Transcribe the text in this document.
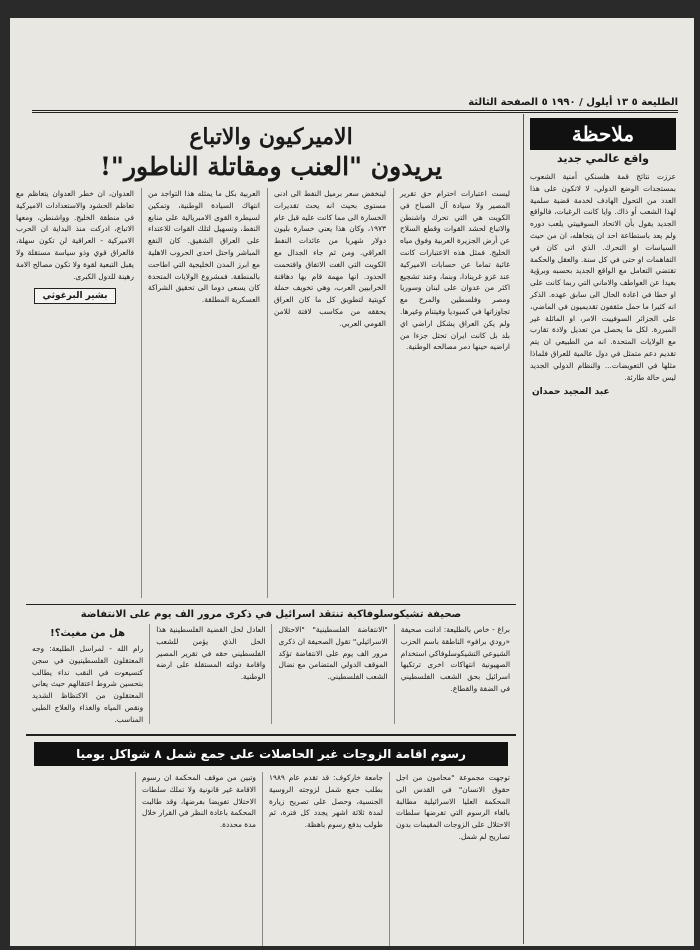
الطليعة ٥ ١٣ أيلول / ١٩٩٠ ٥ الصفحة الثالثة
ملاحظة
واقع عالمي جديد
عززت نتائج قمة هلسنكي أمنية الشعوب بمستجدات الوضع الدولي، لا لاتكون على هذا العدد من التحول الهادف لخدمة قضية سلمية لهذا الشعب أو ذاك. وايا كانت الرغبات، فالواقع الجديد يقول بأن الاتحاد السوفييتي يلعب دوره ولم يعد باستطاعة احد ان يتجاهله، ان من حيث السياسات او التحرك. الذي اتى كان في التفاهمات او حتى في كل سنة. والعقل والحكمة تقتضي التعامل مع الواقع الجديد بحسبه وبرؤية بعيدا عن العواطف والاماني التي ربما كانت على او خطا في اعادة الحال الى سابق عهده. الذكر انه كثيرا ما حمل مثقفون تقديميون في الماضي، على الجزائر السوفييت الامر، او الماثلة غير المبررة. لكل ما يحصل من تعديل ولادة تقارب مع الولايات المتحدة. انه من الطبيعي ان يتم تقديم دعم متمثل في دول عالمية للعراق فلماذا مثلها في التعويضات... والنظام الدولي الجديد ليس حالة طارئة.
عبد المجيد حمدان
الاميركيون والاتباع
يريدون "العنب ومقاتلة الناطور"!
ليست اعتبارات احترام حق تقرير المصير ولا سيادة آل الصباح في الكويت هي التي تحرك واشنطن والاتباع لحشد القوات وقطع السلاح عن أرض الجزيرة العربية وفوق مياه الخليج. فمثل هذه الاعتبارات كانت غائبة تماما عن حسابات الاميركية عند غزو غرينادا، وبنما، وعند تشجيع اكثر من عدوان على لبنان وسوريا ومصر وفلسطين والمرح مع تجاوزاتها في كمبوديا وفيتنام وغيرها. ولم يكن العراق يشكل اراضي اي بلد بل كانت ايران تحتل جزءا من اراضيه حينها دمر مصالحه الوطنية.
لينخفض سعر برميل النفط الى ادنى مستوى بحيث انه يحث تقديرات الخسارة الى مما كانت عليه قبل عام ١٩٧٣، وكان هذا يعني خسارة بليون دولار شهريا من عائدات النفط العراقي. ومن ثم جاء الجدال مع الكويت التي الغت الاتفاق واقتحمت الحدود. انها مهمة قام بها دهاقنة الخرابيين العرب، وهي تخويف حملة كويتية لتطويق كل ما كان العراق يحققه من مكاسب لافتة للامن القومي العربي.
العربية بكل ما يمثله هذا التواجد من انتهاك السيادة الوطنية، وتمكين لسيطرة القوى الامبريالية على منابع النفط، وتسهيل لتلك القوات للاعتداء على العراق الشقيق. كان النفع المباشر واحتل احدى الحروب الاهلية مع ابرز المدن الخليجية التي اطاحت بالمنطقة. فمشروع الولايات المتحدة كان يسعى دوما الى تحقيق الشراكة العسكرية المطلقة.
العدوان، ان خطر العدوان يتعاظم مع تعاظم الحشود والاستعدادات الاميركية في منطقة الخليج. وواشنطن، ومعها الاتباع، ادركت منذ البداية ان الحرب الاميركية - العراقية لن تكون سهلة، فالعراق قوي وذو سياسة مستقلة ولا يقبل التبعية لقوة ولا تكون مصالح الامة رهينة للدول الكبرى.
بشير البرغوثي
صحيفة تشيكوسلوفاكية تنتقد اسرائيل في ذكرى مرور الف يوم على الانتفاضة
براغ - خاص بالطليعة: ادانت صحيفة «رودي برافو» الناطقة باسم الحزب الشيوعي التشيكوسلوفاكي استخدام الصهيونية انتهاكات اخرى ترتكبها اسرائيل بحق الشعب الفلسطيني في الضفة والقطاع.
"الانتفاضة الفلسطينية" "الاحتلال الاسرائيلي" تقول الصحيفة ان ذكرى مرور الف يوم على الانتفاضة تؤكد الموقف الدولي المتضامن مع نضال الشعب الفلسطيني.
العادل لحل القضية الفلسطينية هذا الحل الذي يؤمن للشعب الفلسطيني حقه في تقرير المصير واقامة دولته المستقلة على ارضه الوطنية.
هل من مغيث؟!
رام الله - لمراسل الطليعة: وجه المعتقلون الفلسطينيون في سجن كتسيعوت في النقب نداء يطالب بتحسين شروط اعتقالهم حيث يعاني المعتقلون من الاكتظاظ الشديد ونقص المياه والغذاء والعلاج الطبي المناسب.
رسوم اقامة الزوجات غير الحاصلات على جمع شمل ٨ شواكل يوميا
توجهت مجموعة "محامون من اجل حقوق الانسان" في القدس الى المحكمة العليا الاسرائيلية مطالبة بالغاء الرسوم التي تفرضها سلطات الاحتلال على الزوجات المقيمات بدون تصاريح لم شمل.
جامعة خاركوف: قد تقدم عام ١٩٨٩ بطلب جمع شمل لزوجته الروسية الجنسية، وحصل على تصريح زيارة لمدة ثلاثة اشهر يجدد كل فترة، ثم طولب بدفع رسوم باهظة.
وتبين من موقف المحكمة ان رسوم الاقامة غير قانونية ولا تملك سلطات الاحتلال تفويضا بفرضها، وقد طالبت المحكمة باعادة النظر في القرار خلال مدة محددة.
